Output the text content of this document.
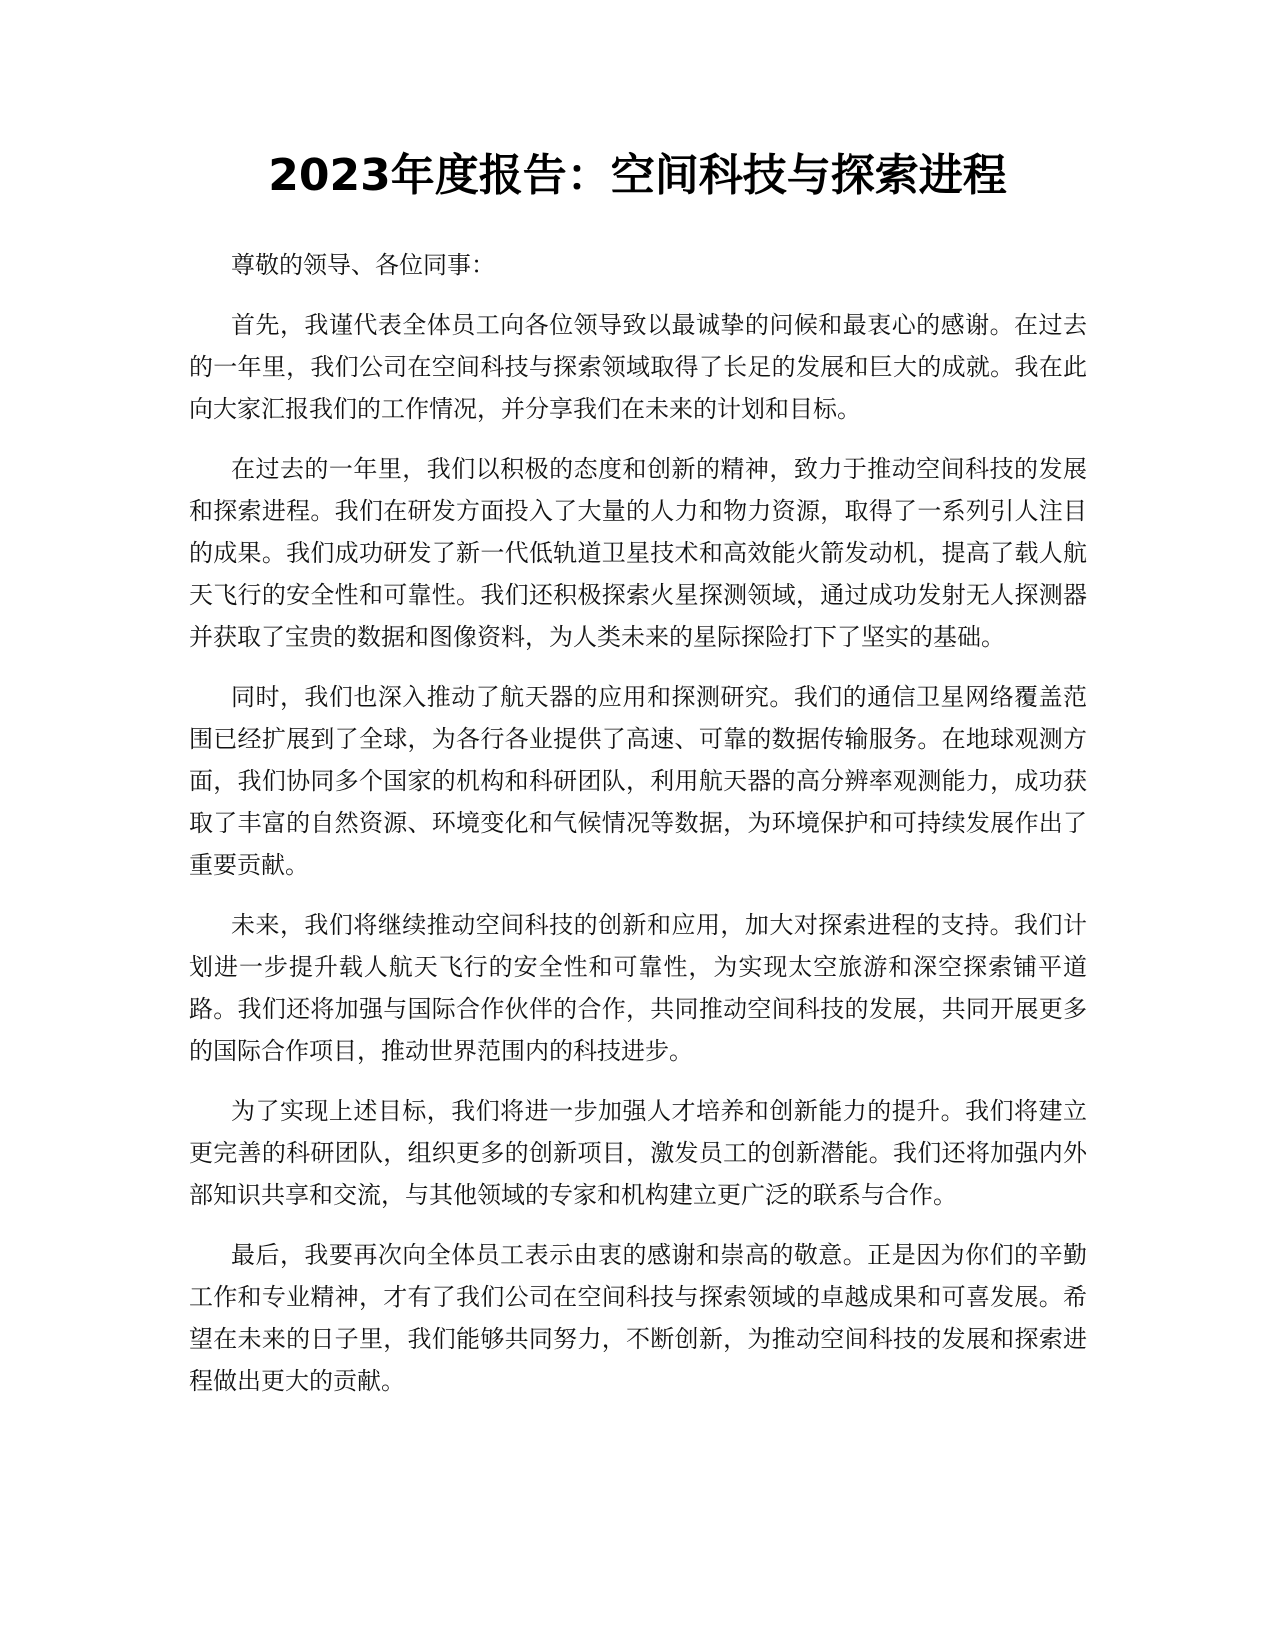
2023年度报告：空间科技与探索进程

尊敬的领导、各位同事：

首先，我谨代表全体员工向各位领导致以最诚挚的问候和最衷心的感谢。在过去的一年里，我们公司在空间科技与探索领域取得了长足的发展和巨大的成就。我在此向大家汇报我们的工作情况，并分享我们在未来的计划和目标。

在过去的一年里，我们以积极的态度和创新的精神，致力于推动空间科技的发展和探索进程。我们在研发方面投入了大量的人力和物力资源，取得了一系列引人注目的成果。我们成功研发了新一代低轨道卫星技术和高效能火箭发动机，提高了载人航天飞行的安全性和可靠性。我们还积极探索火星探测领域，通过成功发射无人探测器并获取了宝贵的数据和图像资料，为人类未来的星际探险打下了坚实的基础。

同时，我们也深入推动了航天器的应用和探测研究。我们的通信卫星网络覆盖范围已经扩展到了全球，为各行各业提供了高速、可靠的数据传输服务。在地球观测方面，我们协同多个国家的机构和科研团队，利用航天器的高分辨率观测能力，成功获取了丰富的自然资源、环境变化和气候情况等数据，为环境保护和可持续发展作出了重要贡献。

未来，我们将继续推动空间科技的创新和应用，加大对探索进程的支持。我们计划进一步提升载人航天飞行的安全性和可靠性，为实现太空旅游和深空探索铺平道路。我们还将加强与国际合作伙伴的合作，共同推动空间科技的发展，共同开展更多的国际合作项目，推动世界范围内的科技进步。

为了实现上述目标，我们将进一步加强人才培养和创新能力的提升。我们将建立更完善的科研团队，组织更多的创新项目，激发员工的创新潜能。我们还将加强内外部知识共享和交流，与其他领域的专家和机构建立更广泛的联系与合作。

最后，我要再次向全体员工表示由衷的感谢和崇高的敬意。正是因为你们的辛勤工作和专业精神，才有了我们公司在空间科技与探索领域的卓越成果和可喜发展。希望在未来的日子里，我们能够共同努力，不断创新，为推动空间科技的发展和探索进程做出更大的贡献。
